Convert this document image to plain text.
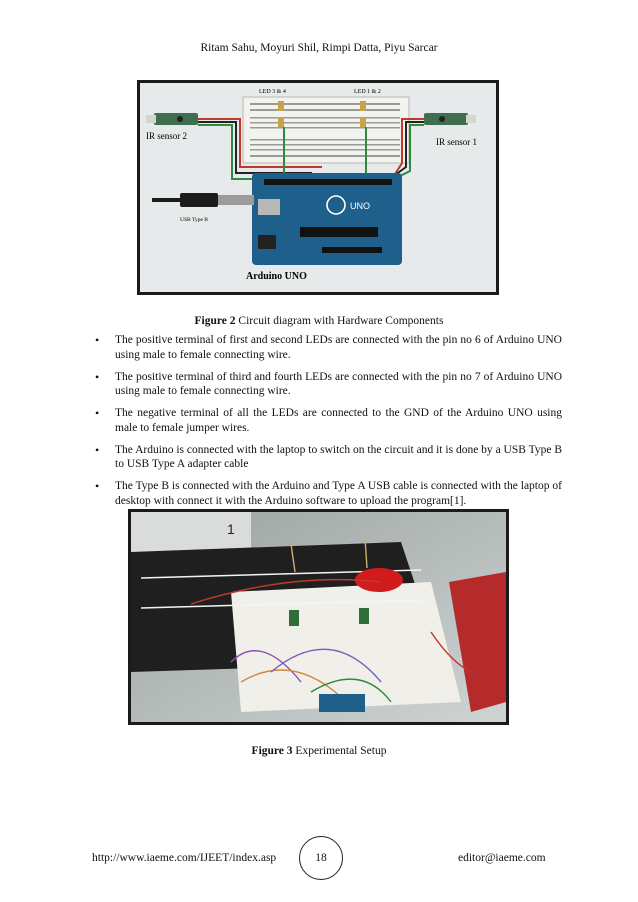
Ritam Sahu, Moyuri Shil, Rimpi Datta, Piyu Sarcar
LED 3 & 4	LED 1 & 2
IR sensor 2
IR sensor 1
UNO
USB Type B
Arduino UNO
Figure 2 Circuit diagram with Hardware Components
• The positive terminal of first and second LEDs are connected with the pin no 6 of Arduino UNO using male to female connecting wire.
• The positive terminal of third and fourth LEDs are connected with the pin no 7 of Arduino UNO using male to female connecting wire.
• The negative terminal of all the LEDs are connected to the GND of the Arduino UNO using male to female jumper wires.
• The Arduino is connected with the laptop to switch on the circuit and it is done by a USB Type B to USB Type A adapter cable
• The Type B is connected with the Arduino and Type A USB cable is connected with the laptop of desktop with connect it with the Arduino software to upload the program[1].
1
Figure 3 Experimental Setup
http://www.iaeme.com/IJEET/index.asp	18	editor@iaeme.com
